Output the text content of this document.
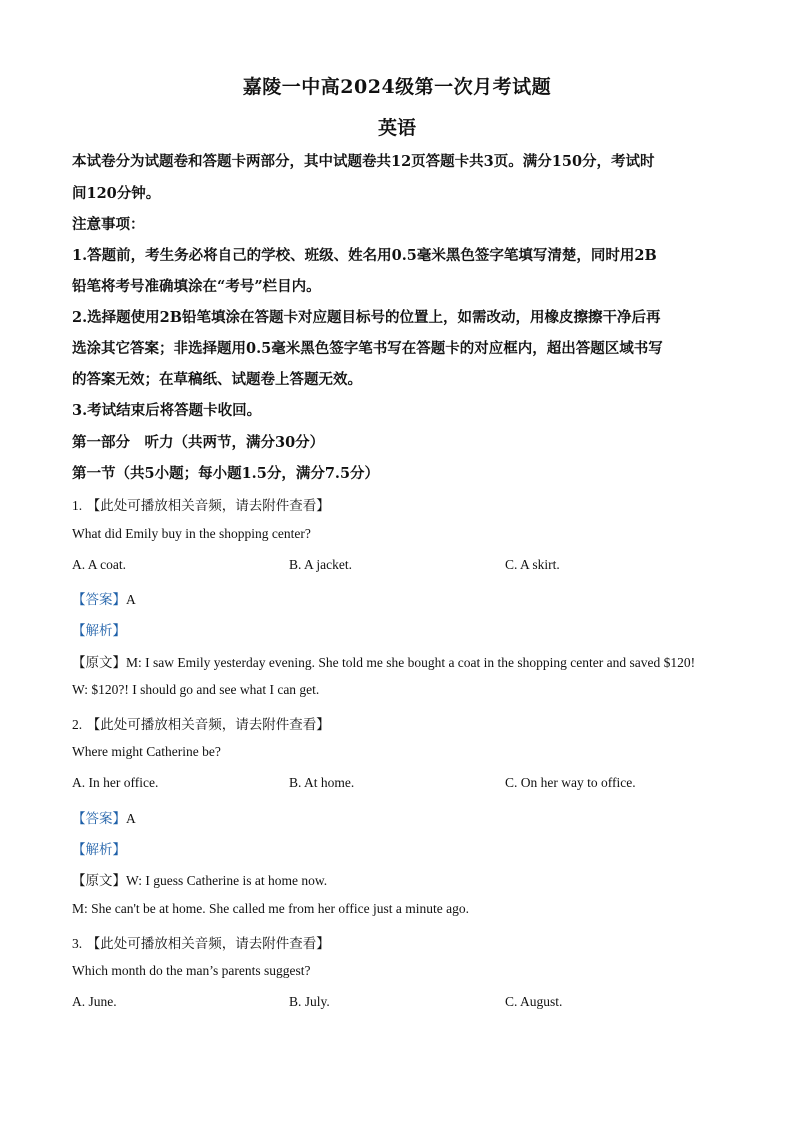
嘉陵一中高2024级第一次月考试题
英语
本试卷分为试题卷和答题卡两部分，其中试题卷共12页答题卡共3页。满分150分，考试时
间120分钟。
注意事项：
1.答题前，考生务必将自己的学校、班级、姓名用0.5毫米黑色签字笔填写清楚，同时用2B
铅笔将考号准确填涂在“考号”栏目内。
2.选择题使用2B铅笔填涂在答题卡对应题目标号的位置上，如需改动，用橡皮擦擦干净后再
选涂其它答案；非选择题用0.5毫米黑色签字笔书写在答题卡的对应框内，超出答题区域书写
的答案无效；在草稿纸、试题卷上答题无效。
3.考试结束后将答题卡收回。
第一部分　听力（共两节，满分30分）
第一节（共5小题；每小题1.5分，满分7.5分）
1. 【此处可播放相关音频，请去附件查看】
What did Emily buy in the shopping center?
A. A coat.	B. A jacket.	C. A skirt.
【答案】A
【解析】
【原文】M: I saw Emily yesterday evening. She told me she bought a coat in the shopping center and saved $120!
W: $120?! I should go and see what I can get.
2. 【此处可播放相关音频，请去附件查看】
Where might Catherine be?
A. In her office.	B. At home.	C. On her way to office.
【答案】A
【解析】
【原文】W: I guess Catherine is at home now.
M: She can't be at home. She called me from her office just a minute ago.
3. 【此处可播放相关音频，请去附件查看】
Which month do the man’s parents suggest?
A. June.	B. July.	C. August.
